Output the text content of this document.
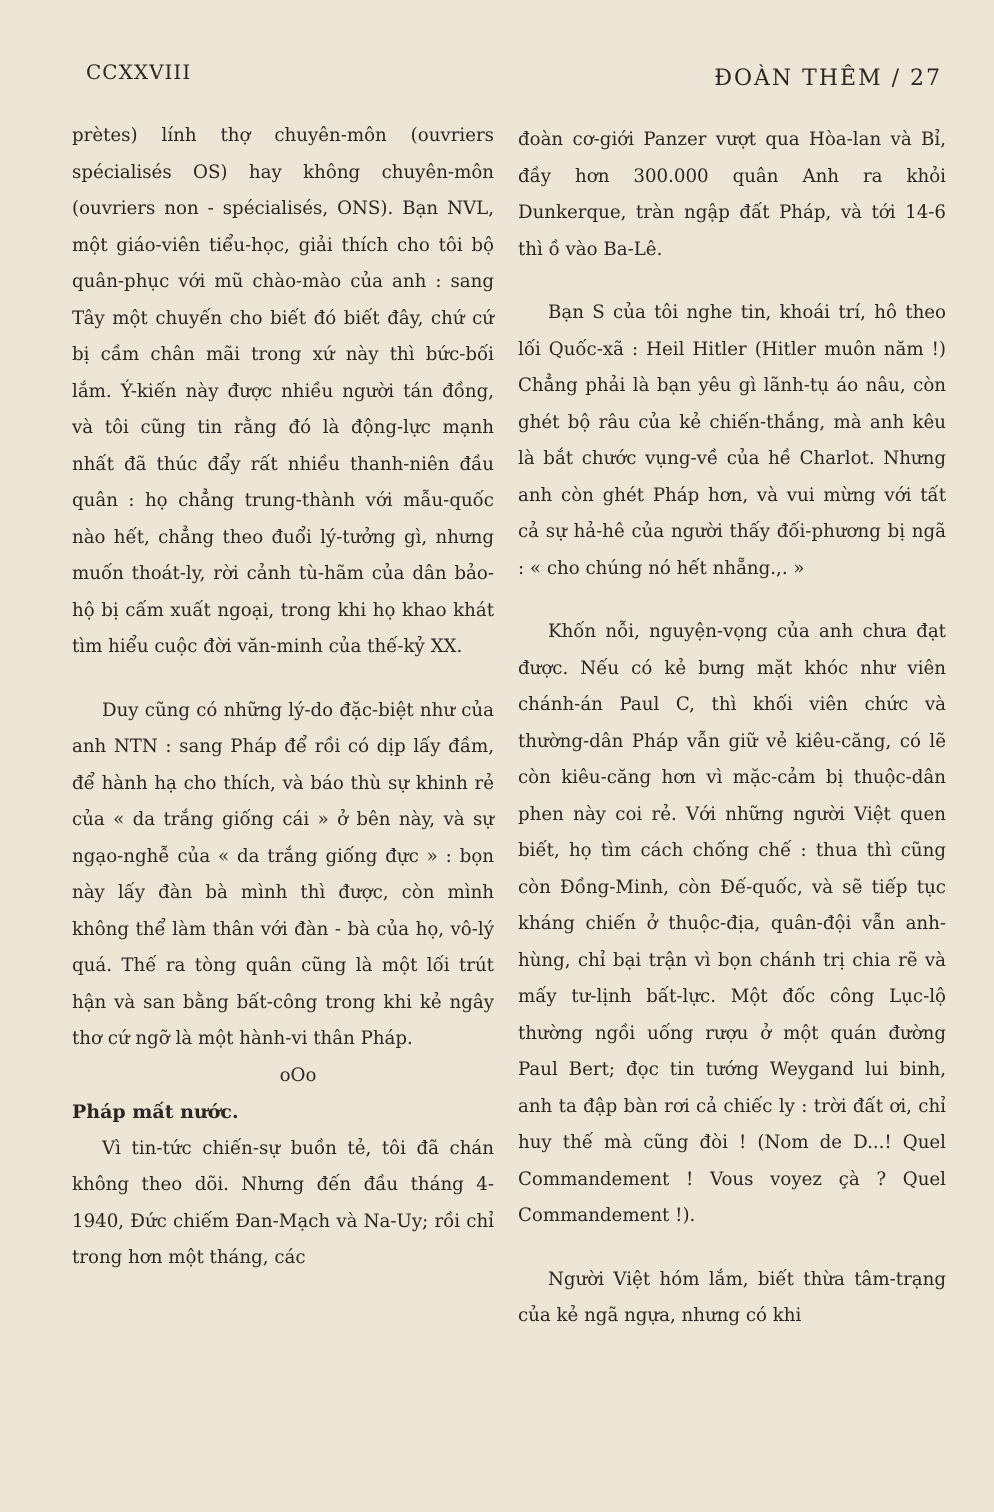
CCXXVIII	ĐOÀN THÊM / 27

prètes) lính thợ chuyên-môn (ouvriers spécialisés OS) hay không chuyên-môn (ouvriers non - spécialisés, ONS). Bạn NVL, một giáo-viên tiểu-học, giải thích cho tôi bộ quân-phục với mũ chào-mào của anh : sang Tây một chuyến cho biết đó biết đây, chứ cứ bị cầm chân mãi trong xứ này thì bức-bối lắm. Ý-kiến này được nhiều người tán đồng, và tôi cũng tin rằng đó là động-lực mạnh nhất đã thúc đẩy rất nhiều thanh-niên đầu quân : họ chẳng trung-thành với mẫu-quốc nào hết, chẳng theo đuổi lý-tưởng gì, nhưng muốn thoát-ly, rời cảnh tù-hãm của dân bảo-hộ bị cấm xuất ngoại, trong khi họ khao khát tìm hiểu cuộc đời văn-minh của thế-kỷ XX.

Duy cũng có những lý-do đặc-biệt như của anh NTN : sang Pháp để rồi có dịp lấy đầm, để hành hạ cho thích, và báo thù sự khinh rẻ của « da trắng giống cái » ở bên này, và sự ngạo-nghễ của « da trắng giống đực » : bọn này lấy đàn bà mình thì được, còn mình không thể làm thân với đàn - bà của họ, vô-lý quá. Thế ra tòng quân cũng là một lối trút hận và san bằng bất-công trong khi kẻ ngây thơ cứ ngỡ là một hành-vi thân Pháp.

oOo

Pháp mất nước.

Vì tin-tức chiến-sự buồn tẻ, tôi đã chán không theo dõi. Nhưng đến đầu tháng 4-1940, Đức chiếm Đan-Mạch và Na-Uy; rồi chỉ trong hơn một tháng, các

đoàn cơ-giới Panzer vượt qua Hòa-lan và Bỉ, đầy hơn 300.000 quân Anh ra khỏi Dunkerque, tràn ngập đất Pháp, và tới 14-6 thì ồ vào Ba-Lê.

Bạn S của tôi nghe tin, khoái trí, hô theo lối Quốc-xã : Heil Hitler (Hitler muôn năm !) Chẳng phải là bạn yêu gì lãnh-tụ áo nâu, còn ghét bộ râu của kẻ chiến-thắng, mà anh kêu là bắt chước vụng-về của hề Charlot. Nhưng anh còn ghét Pháp hơn, và vui mừng với tất cả sự hả-hê của người thấy đối-phương bị ngã : « cho chúng nó hết nhẵng.,. »

Khốn nỗi, nguyện-vọng của anh chưa đạt được. Nếu có kẻ bưng mặt khóc như viên chánh-án Paul C, thì khối viên chức và thường-dân Pháp vẫn giữ vẻ kiêu-căng, có lẽ còn kiêu-căng hơn vì mặc-cảm bị thuộc-dân phen này coi rẻ. Với những người Việt quen biết, họ tìm cách chống chế : thua thì cũng còn Đồng-Minh, còn Đế-quốc, và sẽ tiếp tục kháng chiến ở thuộc-địa, quân-đội vẫn anh-hùng, chỉ bại trận vì bọn chánh trị chia rẽ và mấy tư-lịnh bất-lực. Một đốc công Lục-lộ thường ngồi uống rượu ở một quán đường Paul Bert; đọc tin tướng Weygand lui binh, anh ta đập bàn rơi cả chiếc ly : trời đất ơi, chỉ huy thế mà cũng đòi ! (Nom de D...! Quel Commandement ! Vous voyez çà ? Quel Commandement !).

Người Việt hóm lắm, biết thừa tâm-trạng của kẻ ngã ngựa, nhưng có khi
